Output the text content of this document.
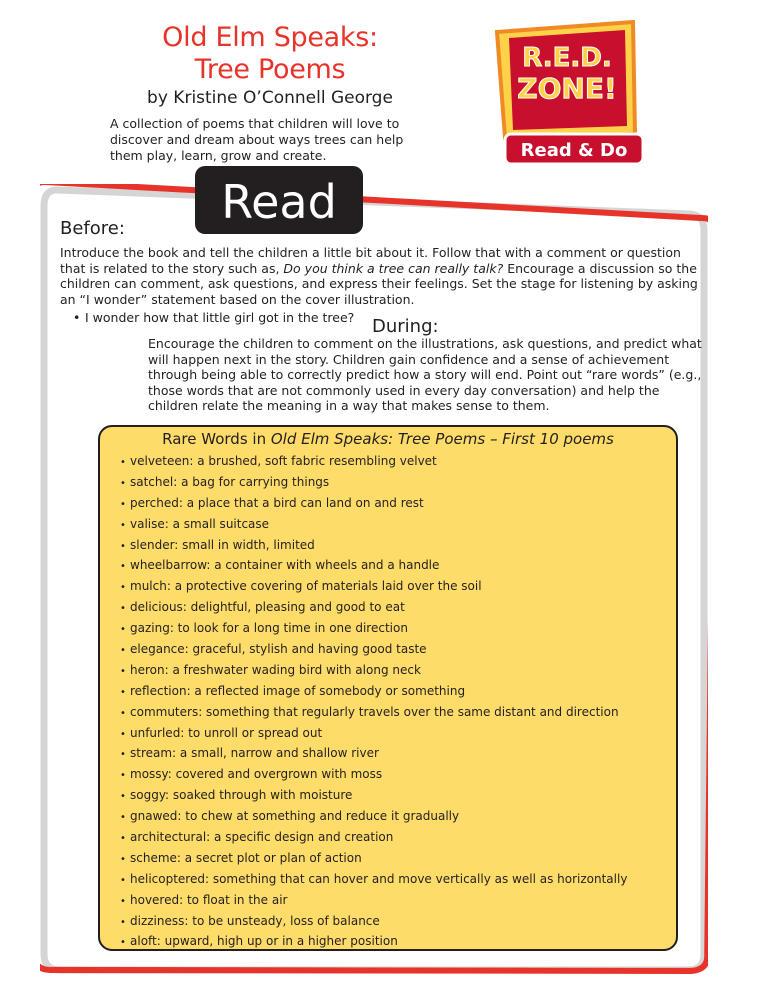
Old Elm Speaks:
Tree Poems
by Kristine O’Connell George
A collection of poems that children will love to discover and dream about ways trees can help them play, learn, grow and create.
R.E.D.
ZONE!
Read & Do
Read
Before:
Introduce the book and tell the children a little bit about it. Follow that with a comment or question that is related to the story such as, Do you think a tree can really talk? Encourage a discussion so the children can comment, ask questions, and express their feelings. Set the stage for listening by asking an “I wonder” statement based on the cover illustration.
• I wonder how that little girl got in the tree? During:
Encourage the children to comment on the illustrations, ask questions, and predict what will happen next in the story. Children gain confidence and a sense of achievement through being able to correctly predict how a story will end. Point out “rare words” (e.g., those words that are not commonly used in every day conversation) and help the children relate the meaning in a way that makes sense to them.
Rare Words in Old Elm Speaks: Tree Poems – First 10 poems
• velveteen: a brushed, soft fabric resembling velvet
• satchel: a bag for carrying things
• perched: a place that a bird can land on and rest
• valise: a small suitcase
• slender: small in width, limited
• wheelbarrow: a container with wheels and a handle
• mulch: a protective covering of materials laid over the soil
• delicious: delightful, pleasing and good to eat
• gazing: to look for a long time in one direction
• elegance: graceful, stylish and having good taste
• heron: a freshwater wading bird with along neck
• reflection: a reflected image of somebody or something
• commuters: something that regularly travels over the same distant and direction
• unfurled: to unroll or spread out
• stream: a small, narrow and shallow river
• mossy: covered and overgrown with moss
• soggy: soaked through with moisture
• gnawed: to chew at something and reduce it gradually
• architectural: a specific design and creation
• scheme: a secret plot or plan of action
• helicoptered: something that can hover and move vertically as well as horizontally
• hovered: to float in the air
• dizziness: to be unsteady, loss of balance
• aloft: upward, high up or in a higher position
